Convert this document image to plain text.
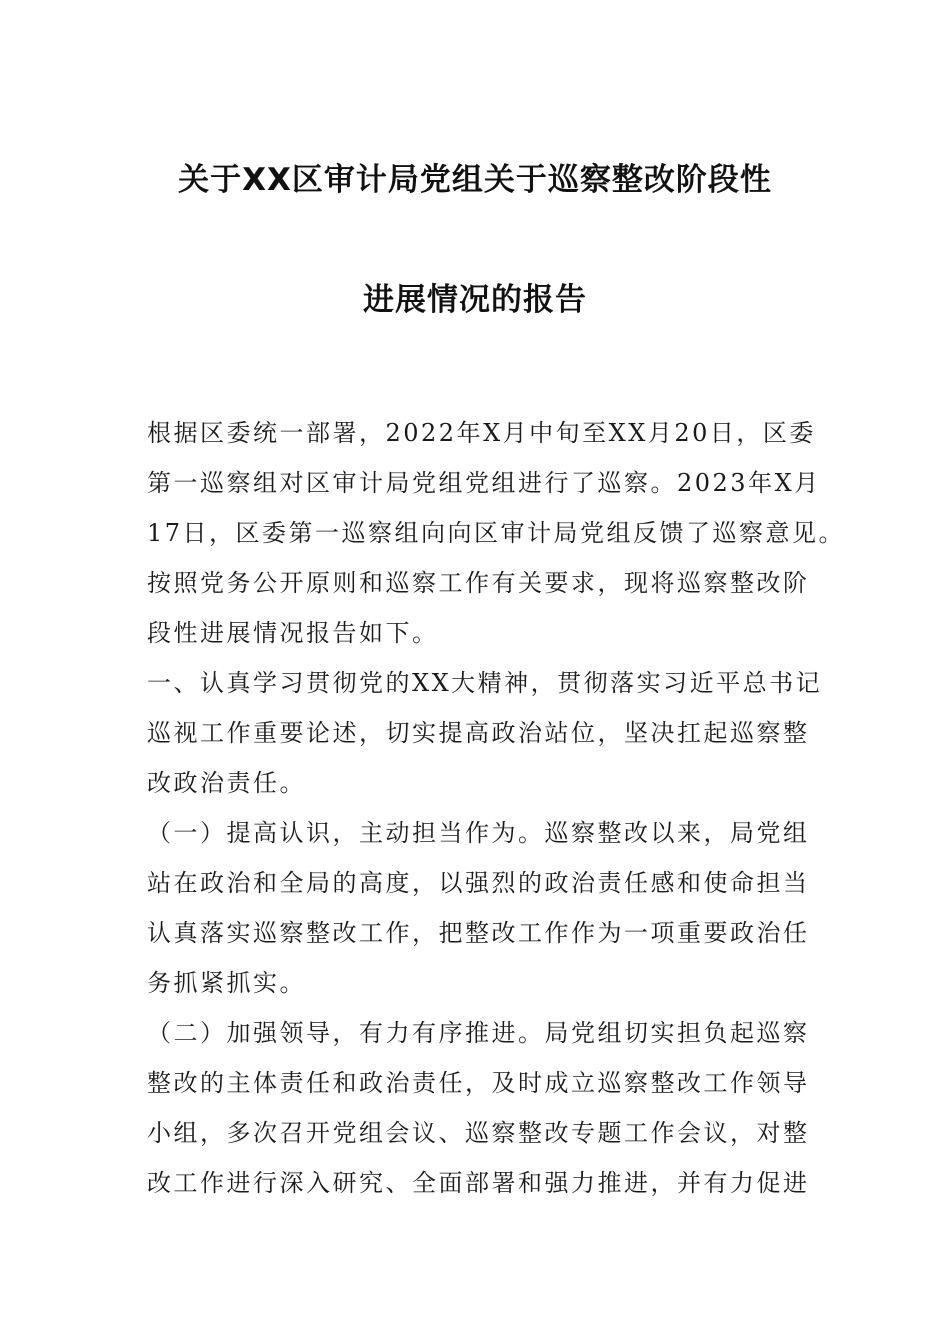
关于XX区审计局党组关于巡察整改阶段性
进展情况的报告
根据区委统一部署，2022年X月中旬至XX月20日，区委
第一巡察组对区审计局党组党组进行了巡察。2023年X月
17日，区委第一巡察组向向区审计局党组反馈了巡察意见。
按照党务公开原则和巡察工作有关要求，现将巡察整改阶
段性进展情况报告如下。
一、认真学习贯彻党的XX大精神，贯彻落实习近平总书记
巡视工作重要论述，切实提高政治站位，坚决扛起巡察整
改政治责任。
（一）提高认识，主动担当作为。巡察整改以来，局党组
站在政治和全局的高度，以强烈的政治责任感和使命担当
认真落实巡察整改工作，把整改工作作为一项重要政治任
务抓紧抓实。
（二）加强领导，有力有序推进。局党组切实担负起巡察
整改的主体责任和政治责任，及时成立巡察整改工作领导
小组，多次召开党组会议、巡察整改专题工作会议，对整
改工作进行深入研究、全面部署和强力推进，并有力促进
